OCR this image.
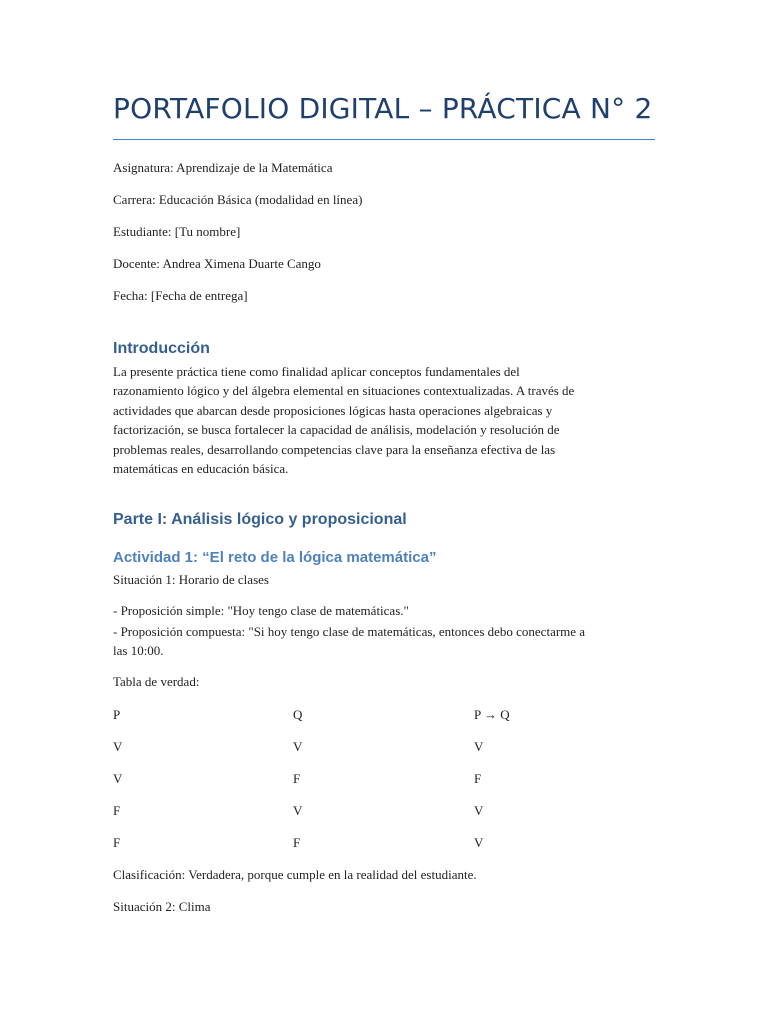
PORTAFOLIO DIGITAL – PRÁCTICA N° 2
Asignatura: Aprendizaje de la Matemática
Carrera: Educación Básica (modalidad en línea)
Estudiante: [Tu nombre]
Docente: Andrea Ximena Duarte Cango
Fecha: [Fecha de entrega]
Introducción
La presente práctica tiene como finalidad aplicar conceptos fundamentales del
razonamiento lógico y del álgebra elemental en situaciones contextualizadas. A través de
actividades que abarcan desde proposiciones lógicas hasta operaciones algebraicas y
factorización, se busca fortalecer la capacidad de análisis, modelación y resolución de
problemas reales, desarrollando competencias clave para la enseñanza efectiva de las
matemáticas en educación básica.
Parte I: Análisis lógico y proposicional
Actividad 1: “El reto de la lógica matemática”
Situación 1: Horario de clases
- Proposición simple: "Hoy tengo clase de matemáticas."
- Proposición compuesta: "Si hoy tengo clase de matemáticas, entonces debo conectarme a
las 10:00.
Tabla de verdad:
P	Q	P → Q
V	V	V
V	F	F
F	V	V
F	F	V
Clasificación: Verdadera, porque cumple en la realidad del estudiante.
Situación 2: Clima
